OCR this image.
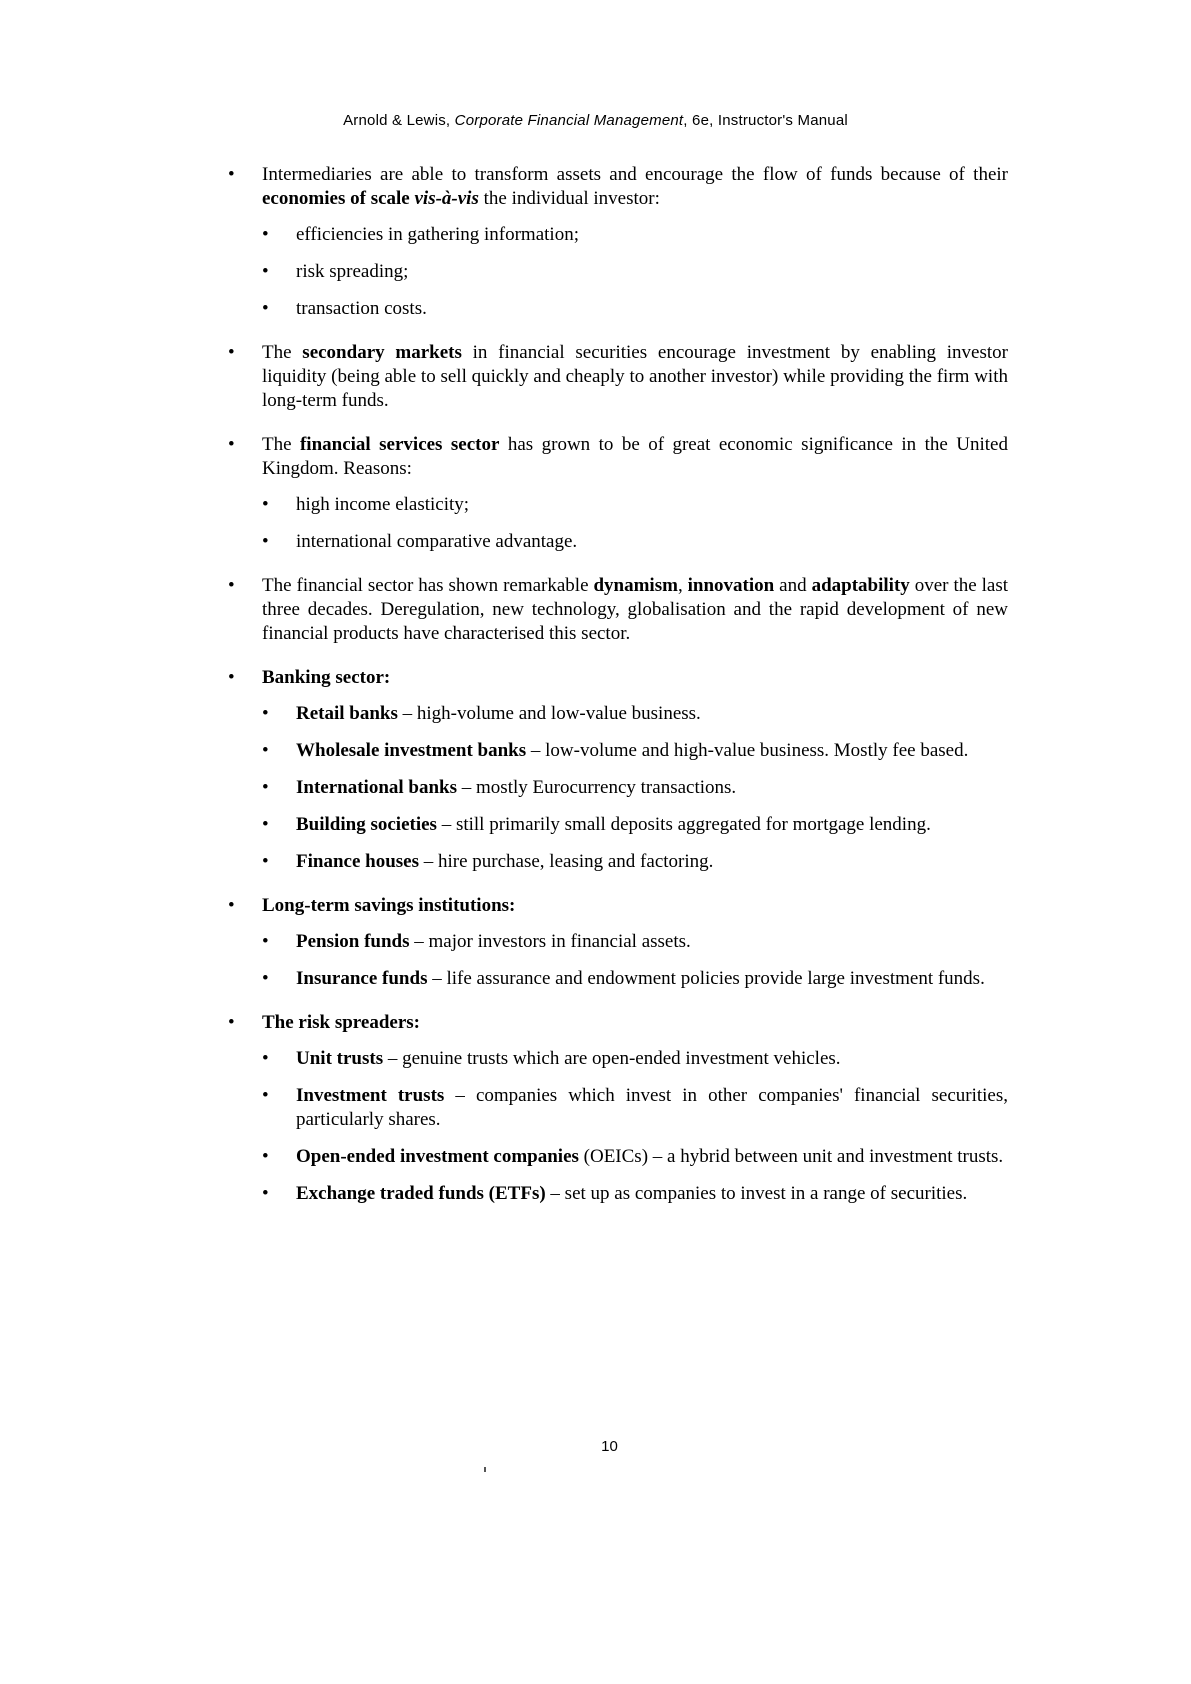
Arnold & Lewis, Corporate Financial Management, 6e, Instructor's Manual
• Intermediaries are able to transform assets and encourage the flow of funds because of their economies of scale vis-à-vis the individual investor:
• efficiencies in gathering information;
• risk spreading;
• transaction costs.
• The secondary markets in financial securities encourage investment by enabling investor liquidity (being able to sell quickly and cheaply to another investor) while providing the firm with long-term funds.
• The financial services sector has grown to be of great economic significance in the United Kingdom. Reasons:
• high income elasticity;
• international comparative advantage.
• The financial sector has shown remarkable dynamism, innovation and adaptability over the last three decades. Deregulation, new technology, globalisation and the rapid development of new financial products have characterised this sector.
• Banking sector:
• Retail banks – high-volume and low-value business.
• Wholesale investment banks – low-volume and high-value business. Mostly fee based.
• International banks – mostly Eurocurrency transactions.
• Building societies – still primarily small deposits aggregated for mortgage lending.
• Finance houses – hire purchase, leasing and factoring.
• Long-term savings institutions:
• Pension funds – major investors in financial assets.
• Insurance funds – life assurance and endowment policies provide large investment funds.
• The risk spreaders:
• Unit trusts – genuine trusts which are open-ended investment vehicles.
• Investment trusts – companies which invest in other companies' financial securities, particularly shares.
• Open-ended investment companies (OEICs) – a hybrid between unit and investment trusts.
• Exchange traded funds (ETFs) – set up as companies to invest in a range of securities.
10
